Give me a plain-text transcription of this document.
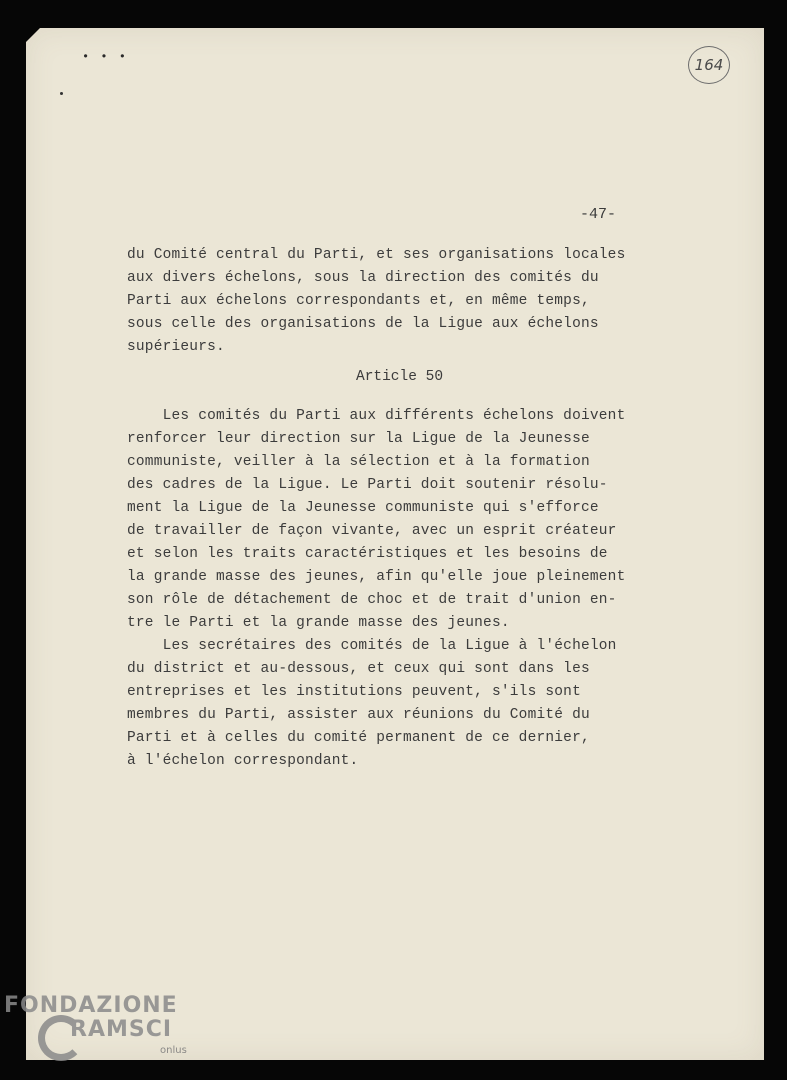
• • •	164
-47-
du Comité central du Parti, et ses organisations locales
aux divers échelons, sous la direction des comités du
Parti aux échelons correspondants et, en même temps,
sous celle des organisations de la Ligue aux échelons
supérieurs.
Article 50
Les comités du Parti aux différents échelons doivent
renforcer leur direction sur la Ligue de la Jeunesse
communiste, veiller à la sélection et à la formation
des cadres de la Ligue. Le Parti doit soutenir résolu-
ment la Ligue de la Jeunesse communiste qui s'efforce
de travailler de façon vivante, avec un esprit créateur
et selon les traits caractéristiques et les besoins de
la grande masse des jeunes, afin qu'elle joue pleinement
son rôle de détachement de choc et de trait d'union en-
tre le Parti et la grande masse des jeunes.
Les secrétaires des comités de la Ligue à l'échelon
du district et au-dessous, et ceux qui sont dans les
entreprises et les institutions peuvent, s'ils sont
membres du Parti, assister aux réunions du Comité du
Parti et à celles du comité permanent de ce dernier,
à l'échelon correspondant.
FONDAZIONE
RAMSCI
onlus
